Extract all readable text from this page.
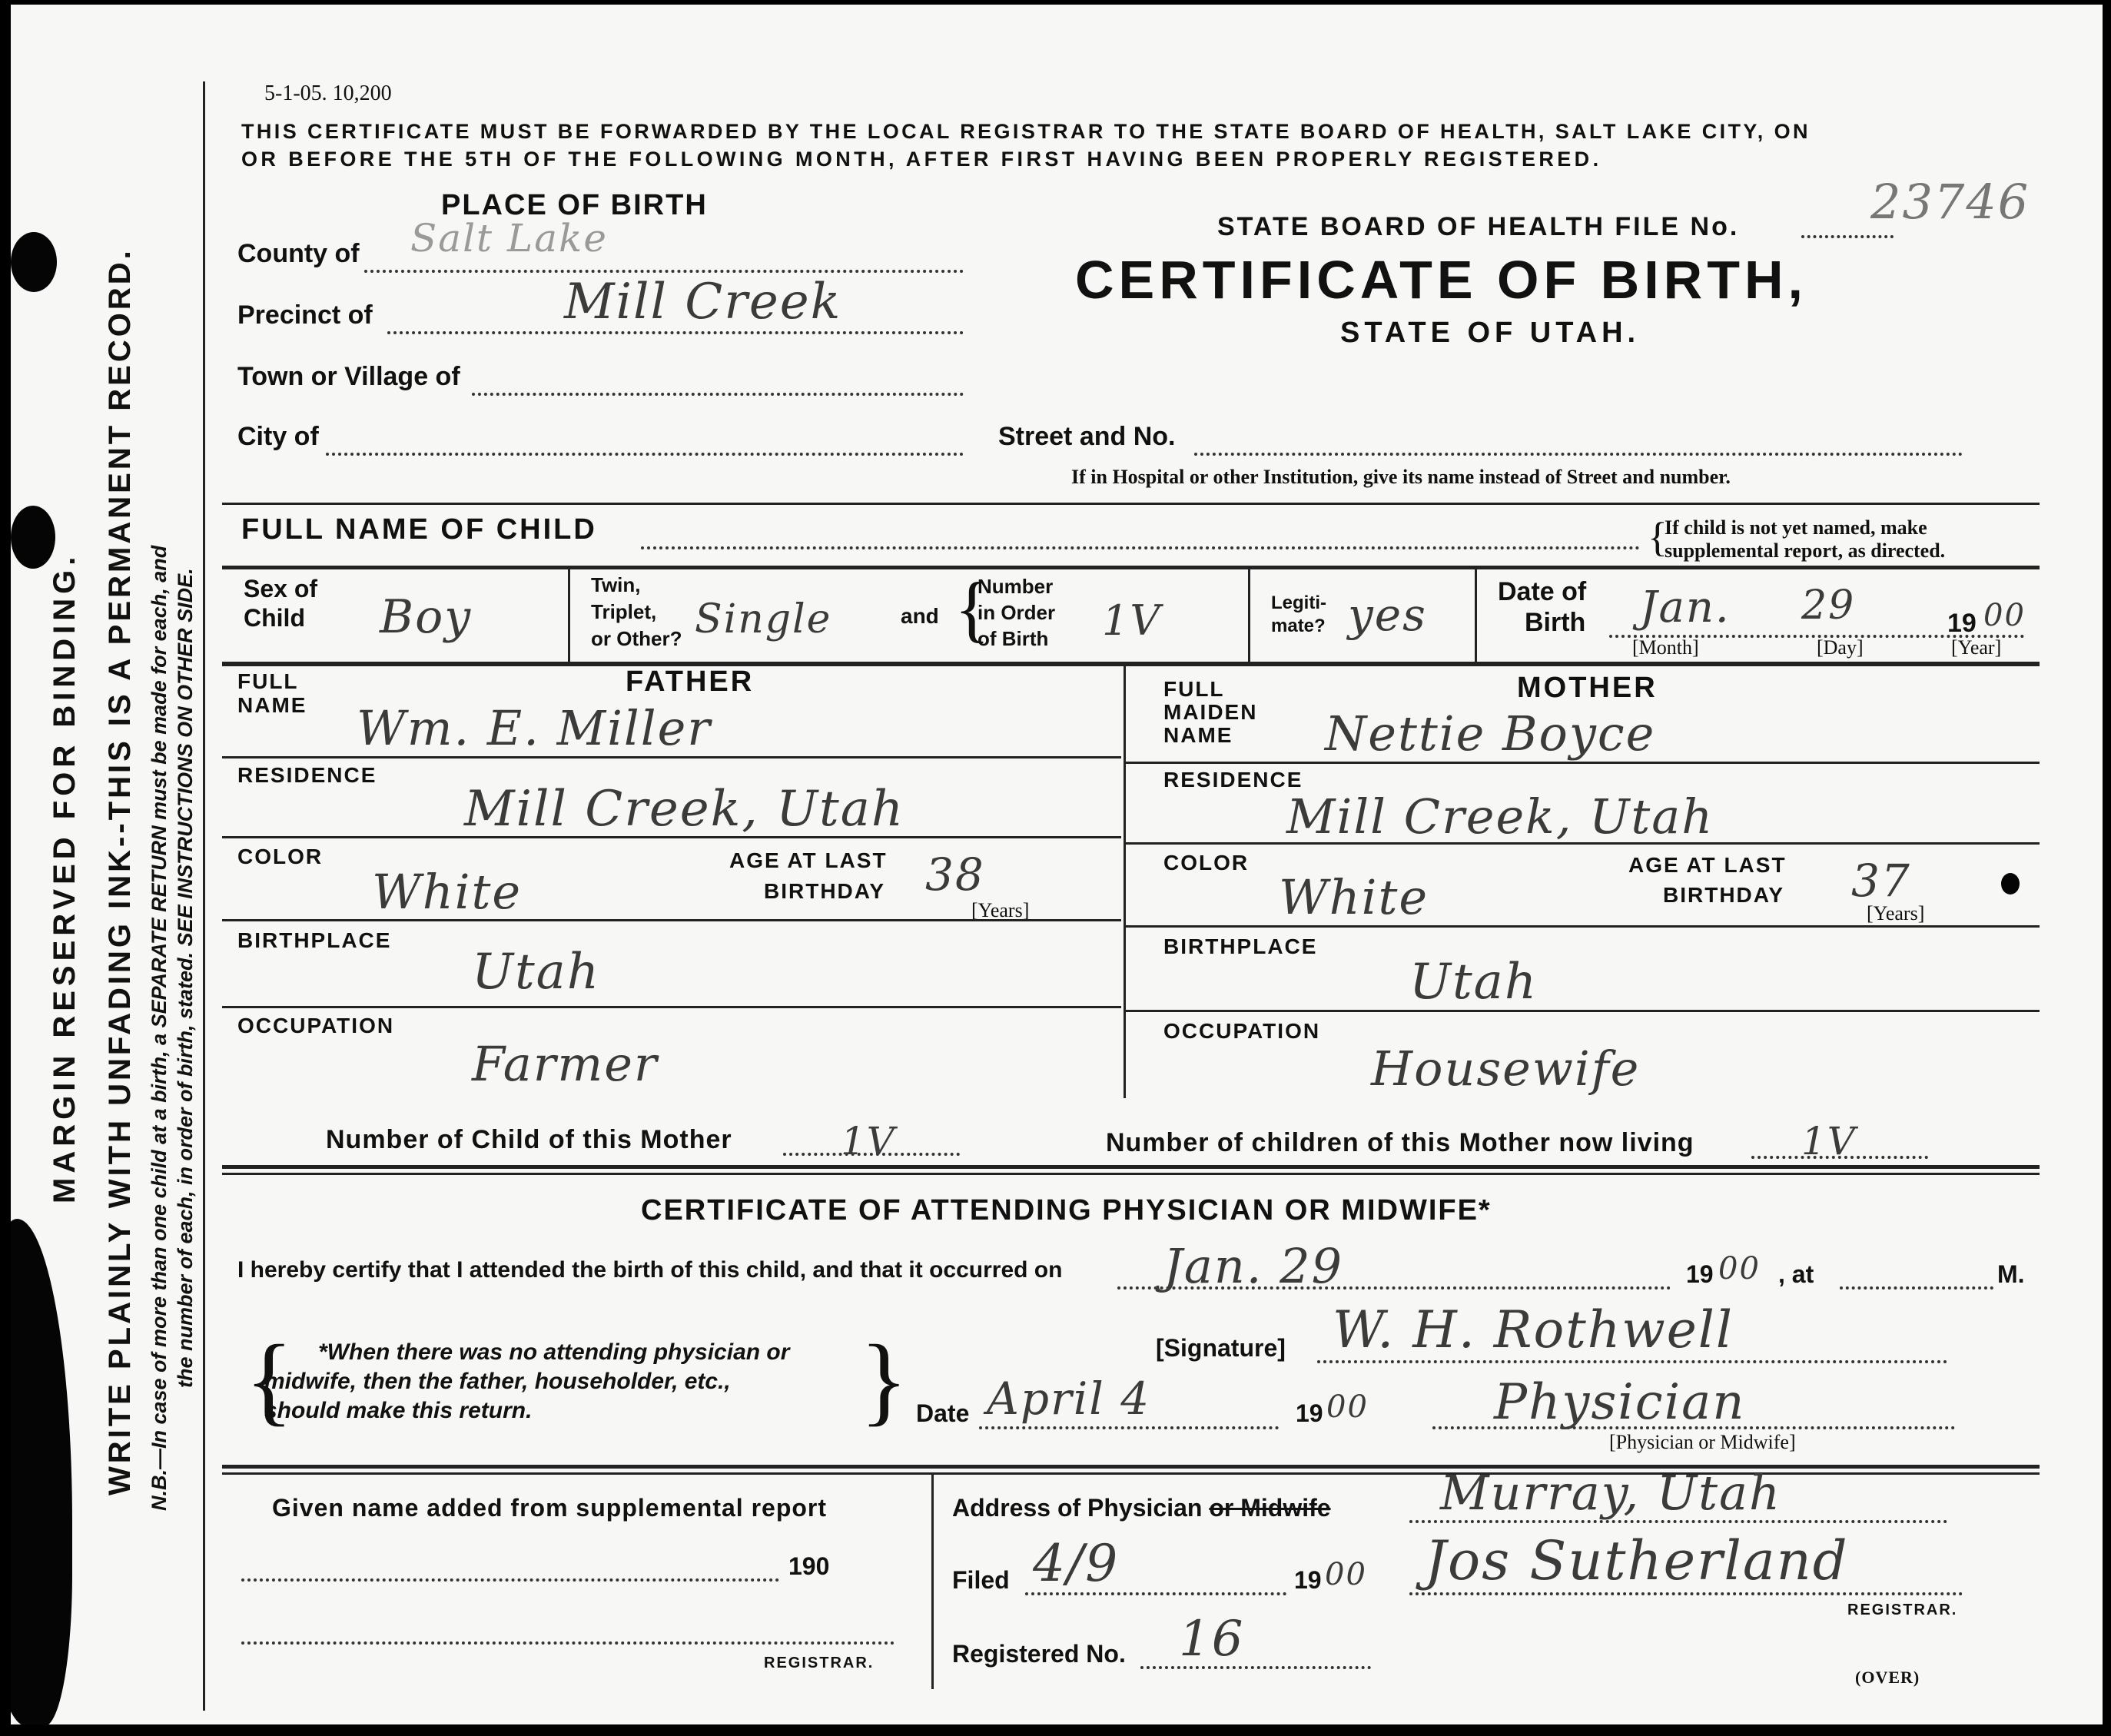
MARGIN RESERVED FOR BINDING. WRITE PLAINLY WITH UNFADING INK--THIS IS A PERMANENT RECORD. N.B.—In case of more than one child at a birth, a SEPARATE RETURN must be made for each, and the number of each, in order of birth, stated. SEE INSTRUCTIONS ON OTHER SIDE.
5-1-05. 10,200
THIS CERTIFICATE MUST BE FORWARDED BY THE LOCAL REGISTRAR TO THE STATE BOARD OF HEALTH, SALT LAKE CITY, ON
OR BEFORE THE 5TH OF THE FOLLOWING MONTH, AFTER FIRST HAVING BEEN PROPERLY REGISTERED.
PLACE OF BIRTH
County of Salt Lake
Precinct of	Mill Creek
Town or Village of
City of
STATE BOARD OF HEALTH FILE No.	23746
CERTIFICATE OF BIRTH,
STATE OF UTAH.
Street and No.
If in Hospital or other Institution, give its name instead of Street and number.
FULL NAME OF CHILD	If child is not yet named, make
supplemental report, as directed.
{
Sex of
Child Boy
Twin,
Triplet,
or Other? Single	and {
Number
in Order
of Birth 1V	Legiti-
mate? yes	Date of
Birth Jan. 29	19 00
[Month]	[Day]	[Year]
FATHER
FULL
NAME Wm. E. Miller
RESIDENCE
Mill Creek, Utah
COLOR
White
AGE AT LAST
BIRTHDAY 38
[Years]
BIRTHPLACE
Utah
OCCUPATION
Farmer
MOTHER
FULL
MAIDEN
NAME Nettie Boyce
RESIDENCE
Mill Creek, Utah
COLOR
White
AGE AT LAST
BIRTHDAY 37
[Years]
BIRTHPLACE
Utah
OCCUPATION
Housewife
Number of Child of this Mother	1V	Number of children of this Mother now living	1V
CERTIFICATE OF ATTENDING PHYSICIAN OR MIDWIFE*
I hereby certify that I attended the birth of this child, and that it occurred on Jan. 29	19 00 , at	M.
{ *When there was no attending physician or
midwife, then the father, householder, etc.,
should make this return.	}	[Signature] W. H. Rothwell
Date April 4	19 00	Physician
[Physician or Midwife]
Given name added from supplemental report
190
REGISTRAR.
Address of Physician or Midwife Murray, Utah
Filed 4/9	19 00 Jos Sutherland
REGISTRAR.
Registered No. 16
(OVER)
